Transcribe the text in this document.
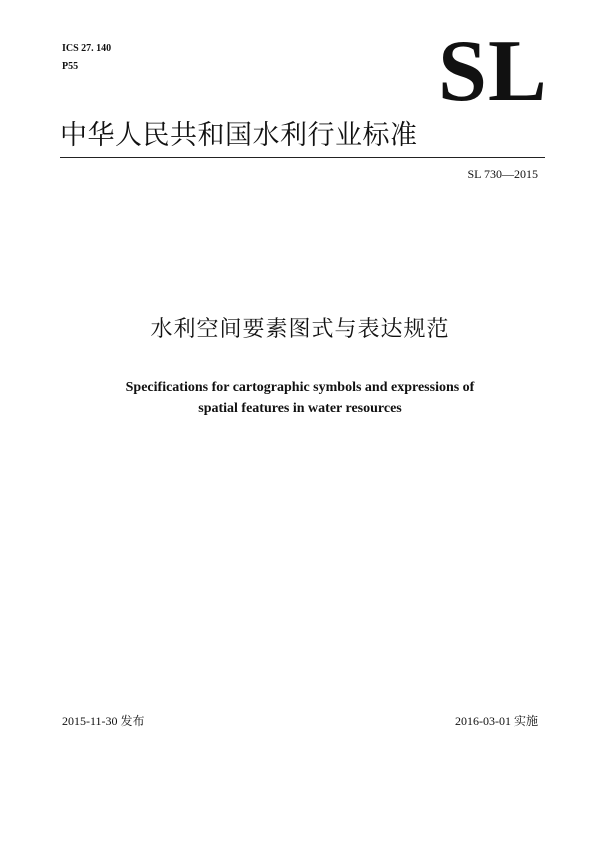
ICS 27. 140
P55	SL
中华人民共和国水利行业标准
SL 730—2015
水利空间要素图式与表达规范
Specifications for cartographic symbols and expressions of
spatial features in water resources
2015-11-30 发布	2016-03-01 实施
